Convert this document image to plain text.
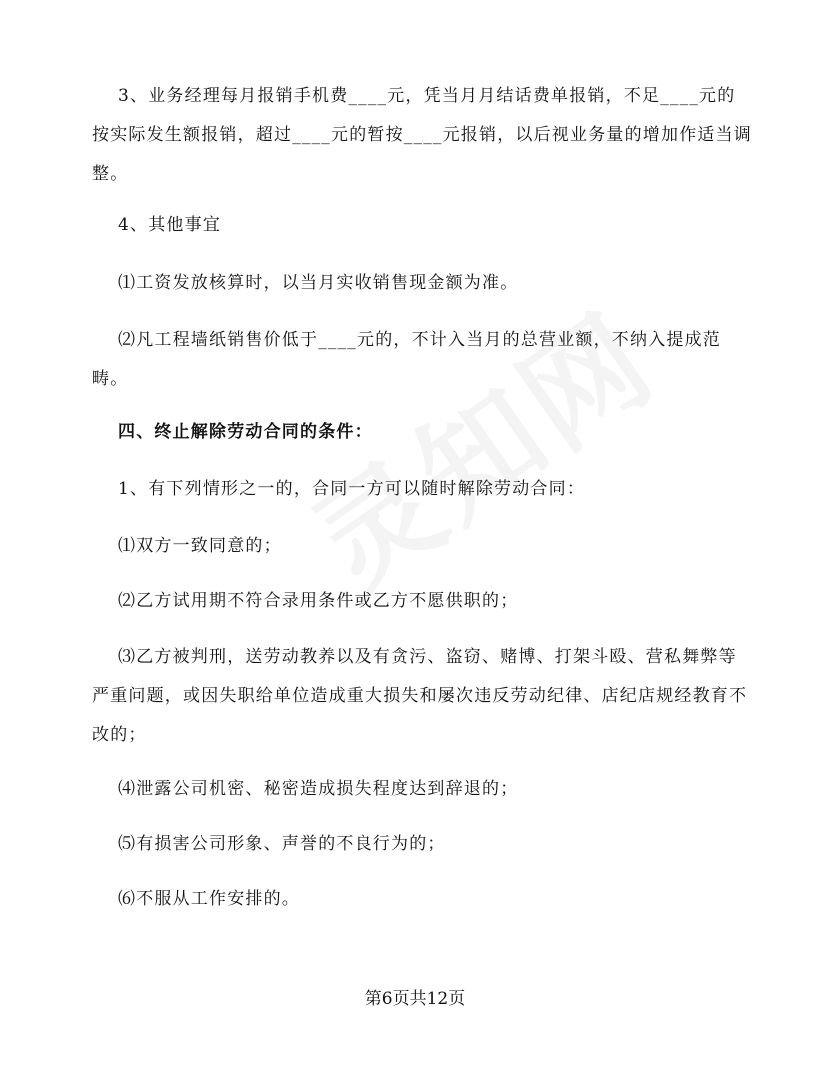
3、业务经理每月报销手机费____元，凭当月月结话费单报销，不足____元的按实际发生额报销，超过____元的暂按____元报销，以后视业务量的增加作适当调整。

4、其他事宜

⑴工资发放核算时，以当月实收销售现金额为准。

⑵凡工程墙纸销售价低于____元的，不计入当月的总营业额，不纳入提成范畴。

四、终止解除劳动合同的条件：

1、有下列情形之一的，合同一方可以随时解除劳动合同：

⑴双方一致同意的；

⑵乙方试用期不符合录用条件或乙方不愿供职的；

⑶乙方被判刑，送劳动教养以及有贪污、盗窃、赌博、打架斗殴、营私舞弊等严重问题，或因失职给单位造成重大损失和屡次违反劳动纪律、店纪店规经教育不改的；

⑷泄露公司机密、秘密造成损失程度达到辞退的；

⑸有损害公司形象、声誉的不良行为的；

⑹不服从工作安排的。

第6页共12页
